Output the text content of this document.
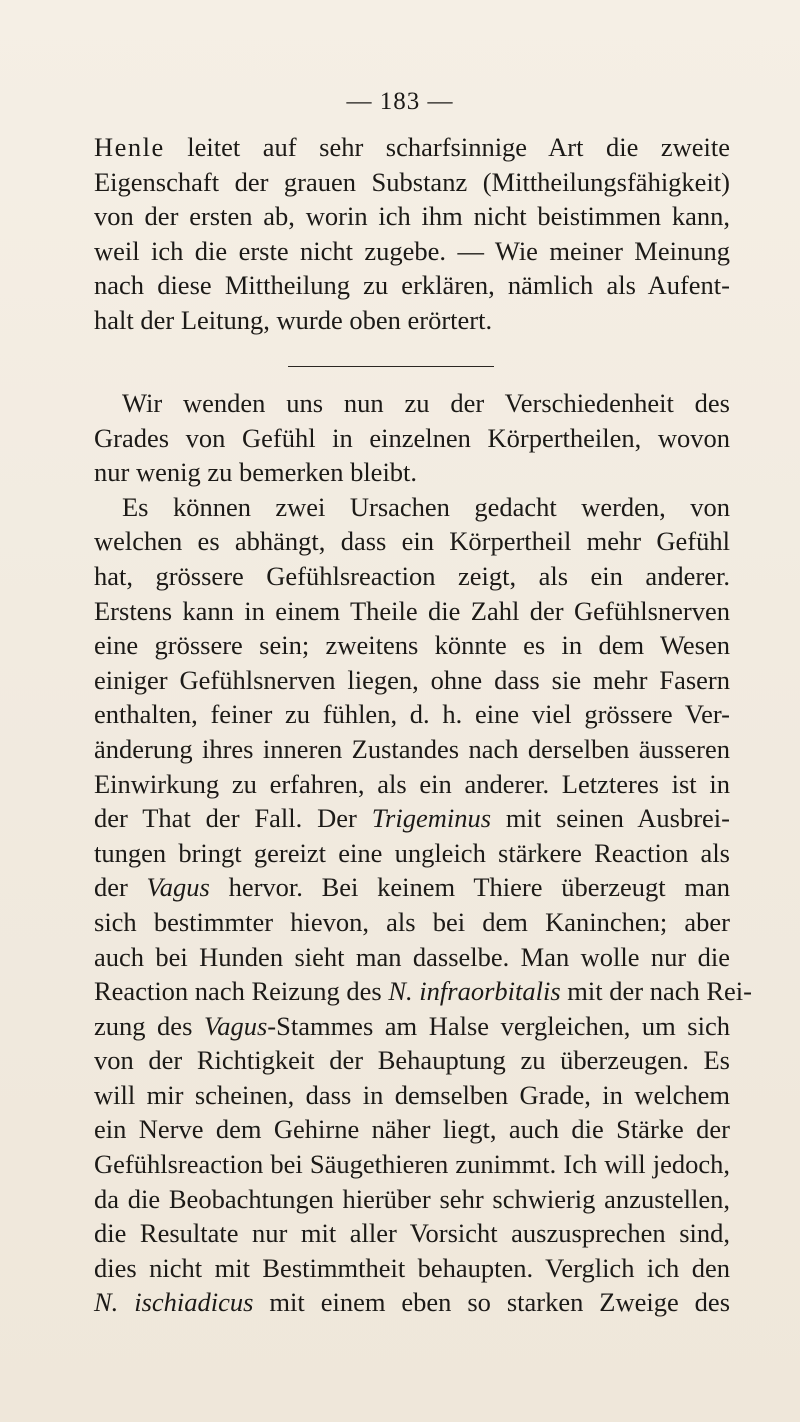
— 183 —
Henle leitet auf sehr scharfsinnige Art die zweite
Eigenschaft der grauen Substanz (Mittheilungsfähigkeit)
von der ersten ab, worin ich ihm nicht beistimmen kann,
weil ich die erste nicht zugebe. — Wie meiner Meinung
nach diese Mittheilung zu erklären, nämlich als Aufent-
halt der Leitung, wurde oben erörtert.
Wir wenden uns nun zu der Verschiedenheit des
Grades von Gefühl in einzelnen Körpertheilen, wovon
nur wenig zu bemerken bleibt.
Es können zwei Ursachen gedacht werden, von
welchen es abhängt, dass ein Körpertheil mehr Gefühl
hat, grössere Gefühlsreaction zeigt, als ein anderer.
Erstens kann in einem Theile die Zahl der Gefühlsnerven
eine grössere sein; zweitens könnte es in dem Wesen
einiger Gefühlsnerven liegen, ohne dass sie mehr Fasern
enthalten, feiner zu fühlen, d. h. eine viel grössere Ver-
änderung ihres inneren Zustandes nach derselben äusseren
Einwirkung zu erfahren, als ein anderer. Letzteres ist in
der That der Fall. Der Trigeminus mit seinen Ausbrei-
tungen bringt gereizt eine ungleich stärkere Reaction als
der Vagus hervor. Bei keinem Thiere überzeugt man
sich bestimmter hievon, als bei dem Kaninchen; aber
auch bei Hunden sieht man dasselbe. Man wolle nur die
Reaction nach Reizung des N. infraorbitalis mit der nach Rei-
zung des Vagus-Stammes am Halse vergleichen, um sich
von der Richtigkeit der Behauptung zu überzeugen. Es
will mir scheinen, dass in demselben Grade, in welchem
ein Nerve dem Gehirne näher liegt, auch die Stärke der
Gefühlsreaction bei Säugethieren zunimmt. Ich will jedoch,
da die Beobachtungen hierüber sehr schwierig anzustellen,
die Resultate nur mit aller Vorsicht auszusprechen sind,
dies nicht mit Bestimmtheit behaupten. Verglich ich den
N. ischiadicus mit einem eben so starken Zweige des
